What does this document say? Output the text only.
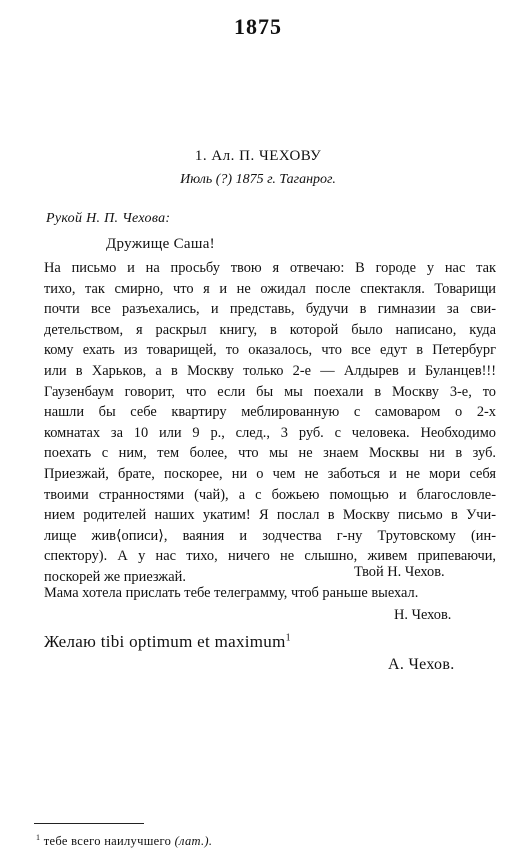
1875
1. Ал. П. ЧЕХОВУ
Июль (?) 1875 г. Таганрог.
Рукой Н. П. Чехова:
Дружище Саша!
На письмо и на просьбу твою я отвечаю: В городе у нас так
тихо, так смирно, что я и не ожидал после спектакля. Товарищи
почти все разъехались, и представь, будучи в гимназии за сви-
детельством, я раскрыл книгу, в которой было написано, куда
кому ехать из товарищей, то оказалось, что все едут в Петербург
или в Харьков, а в Москву только 2-е — Алдырев и Буланцев!!!
Гаузенбаум говорит, что если бы мы поехали в Москву 3-е, то
нашли бы себе квартиру меблированную с самоваром о 2-х
комнатах за 10 или 9 р., след., 3 руб. с человека. Необходимо
поехать с ним, тем более, что мы не знаем Москвы ни в зуб.
Приезжай, брате, поскорее, ни о чем не заботься и не мори себя
твоими странностями (чай), а с божьею помощью и благословле-
нием родителей наших укатим! Я послал в Москву письмо в Учи-
лище жив⟨описи⟩, ваяния и зодчества г-ну Трутовскому (ин-
спектору). А у нас тихо, ничего не слышно, живем припеваючи,
поскорей же приезжай.	Твой Н. Чехов.
Мама хотела прислать тебе телеграмму, чтоб раньше выехал.
Н. Чехов.
Желаю tibi optimum et maximum$^1$
А. Чехов.
$^1$ тебе всего наилучшего (лат.).
